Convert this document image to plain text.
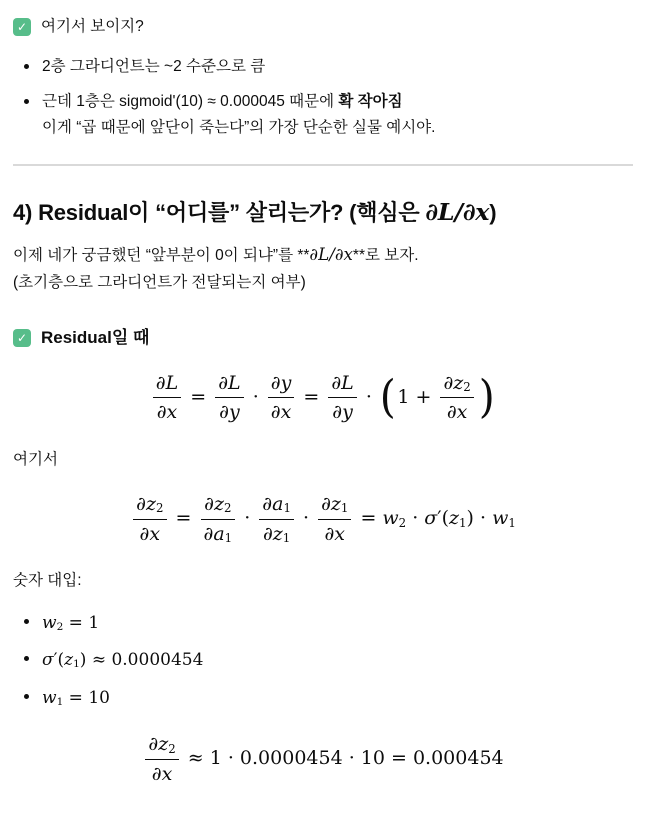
✓ 여기서 보이지?
2층 그라디언트는 ~2 수준으로 큼
근데 1층은 sigmoid'(10) ≈ 0.000045 때문에 확 작아짐
이게 “곱 때문에 앞단이 죽는다”의 가장 단순한 실물 예시야.
4) Residual이 “어디를” 살리는가? (핵심은 ∂L/∂x)

이제 네가 궁금했던 “앞부분이 0이 되냐”를 **∂L/∂x**로 보자.
(초기층으로 그라디언트가 전달되는지 여부)

✓ Residual일 때
$\frac{\partial L}{\partial x} = \frac{\partial L}{\partial y} \cdot \frac{\partial y}{\partial x} = \frac{\partial L}{\partial y} \cdot (1 + \frac{\partial z2}{\partial x}$ )

여기서

$\frac{\partial z2}{\partial x} = \frac{\partial z2}{\partial a1} \cdot \frac{\partial a1}{\partial z1} \cdot \frac{\partial z1}{\partial x} = w2 \cdot \sigma'(z1) \cdot w1$

숫자 대입:

w2 = 1
σ′(z1) ≈ 0.0000454
w1 = 10
$\frac{\partial z2}{\partial x} \approx 1 \cdot 0.0000454 \cdot 10 = 0.000454$
